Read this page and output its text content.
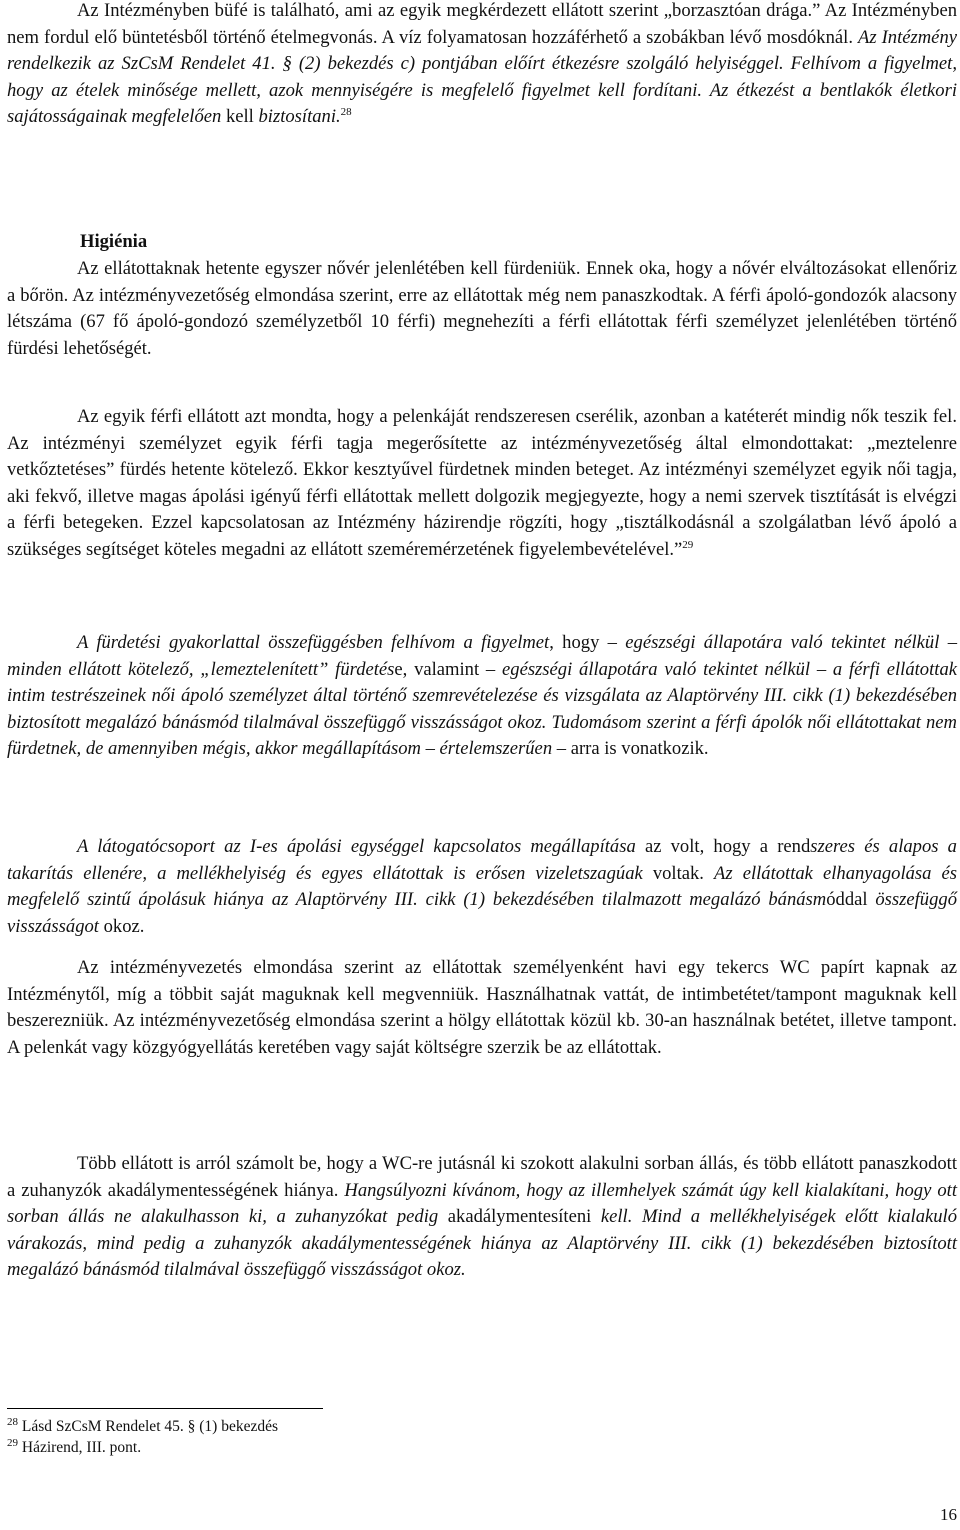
Az Intézményben büfé is található, ami az egyik megkérdezett ellátott szerint „borzasztóan drága.” Az Intézményben nem fordul elő büntetésből történő ételmegvonás. A víz folyamatosan hozzáférhető a szobákban lévő mosdóknál. Az Intézmény rendelkezik az SzCsM Rendelet 41. § (2) bekezdés c) pontjában előírt étkezésre szolgáló helyiséggel. Felhívom a figyelmet, hogy az ételek minősége mellett, azok mennyiségére is megfelelő figyelmet kell fordítani. Az étkezést a bentlakók életkori sajátosságainak megfelelően kell biztosítani.$^{28}$

Higiénia

Az ellátottaknak hetente egyszer nővér jelenlétében kell fürdeniük. Ennek oka, hogy a nővér elváltozásokat ellenőriz a bőrön. Az intézményvezetőség elmondása szerint, erre az ellátottak még nem panaszkodtak. A férfi ápoló-gondozók alacsony létszáma (67 fő ápoló-gondozó személyzetből 10 férfi) megnehezíti a férfi ellátottak férfi személyzet jelenlétében történő fürdési lehetőségét.

Az egyik férfi ellátott azt mondta, hogy a pelenkáját rendszeresen cserélik, azonban a katéterét mindig nők teszik fel. Az intézményi személyzet egyik férfi tagja megerősítette az intézményvezetőség által elmondottakat: „meztelenre vetkőztetéses” fürdés hetente kötelező. Ekkor kesztyűvel fürdetnek minden beteget. Az intézményi személyzet egyik női tagja, aki fekvő, illetve magas ápolási igényű férfi ellátottak mellett dolgozik megjegyezte, hogy a nemi szervek tisztítását is elvégzi a férfi betegeken. Ezzel kapcsolatosan az Intézmény házirendje rögzíti, hogy „tisztálkodásnál a szolgálatban lévő ápoló a szükséges segítséget köteles megadni az ellátott szeméremérzetének figyelembevételével.”$^{29}$

A fürdetési gyakorlattal összefüggésben felhívom a figyelmet, hogy – egészségi állapotára való tekintet nélkül – minden ellátott kötelező, „lemeztelenített” fürdetése, valamint – egészségi állapotára való tekintet nélkül – a férfi ellátottak intim testrészeinek női ápoló személyzet által történő szemrevételezése és vizsgálata az Alaptörvény III. cikk (1) bekezdésében biztosított megalázó bánásmód tilalmával összefüggő visszásságot okoz. Tudomásom szerint a férfi ápolók női ellátottakat nem fürdetnek, de amennyiben mégis, akkor megállapításom – értelemszerűen – arra is vonatkozik.

A látogatócsoport az I-es ápolási egységgel kapcsolatos megállapítása az volt, hogy a rendszeres és alapos a takarítás ellenére, a mellékhelyiség és egyes ellátottak is erősen vizeletszagúak voltak. Az ellátottak elhanyagolása és megfelelő szintű ápolásuk hiánya az Alaptörvény III. cikk (1) bekezdésében tilalmazott megalázó bánásmóddal összefüggő visszásságot okoz.

Az intézményvezetés elmondása szerint az ellátottak személyenként havi egy tekercs WC papírt kapnak az Intézménytől, míg a többit saját maguknak kell megvenniük. Használhatnak vattát, de intimbetétet/tampont maguknak kell beszerezniük. Az intézményvezetőség elmondása szerint a hölgy ellátottak közül kb. 30-an használnak betétet, illetve tampont. A pelenkát vagy közgyógyellátás keretében vagy saját költségre szerzik be az ellátottak.

Több ellátott is arról számolt be, hogy a WC-re jutásnál ki szokott alakulni sorban állás, és több ellátott panaszkodott a zuhanyzók akadálymentességének hiánya. Hangsúlyozni kívánom, hogy az illemhelyek számát úgy kell kialakítani, hogy ott sorban állás ne alakulhasson ki, a zuhanyzókat pedig akadálymentesíteni kell. Mind a mellékhelyiségek előtt kialakuló várakozás, mind pedig a zuhanyzók akadálymentességének hiánya az Alaptörvény III. cikk (1) bekezdésében biztosított megalázó bánásmód tilalmával összefüggő visszásságot okoz.

$^{28}$ Lásd SzCsM Rendelet 45. § (1) bekezdés
$^{29}$ Házirend, III. pont.
16
